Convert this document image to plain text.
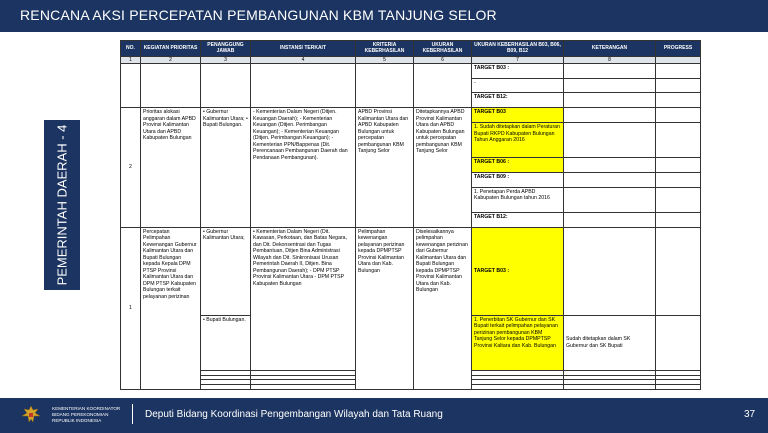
RENCANA AKSI PERCEPATAN PEMBANGUNAN KBM TANJUNG SELOR
PEMERINTAH DAERAH - 4
NO.	KEGIATAN PRIORITAS	PENANGGUNG JAWAB	INSTANSI TERKAIT	KRITERIA KEBERHASILAN	UKURAN KEBERHASILAN	UKURAN KEBERHASILAN B03, B06, B09, B12	KETERANGAN	PROGRESS
1	2	3	4	5	6	7	8	
						TARGET B03 :		
						-		
						TARGET B12:		
2	Prioritas alokasi anggaran dalam APBD Provinsi Kalimantan Utara dan APBD Kabupaten Bulungan	• Gubernur Kalimantan Utara; • Bupati Bulungan.	- Kementerian Dalam Negeri (Ditjen. Keuangan Daerah); - Kementerian Keuangan (Ditjen. Perimbangan Keuangan); - Kementerian Keuangan (Ditjen. Perimbangan Keuangan); - Kementerian PPN/Bappenas (Dit. Perencanaan Pembangunan Daerah dan Pendanaan Pembangunan).	APBD Provinsi Kalimantan Utara dan APBD Kabupaten Bulungan untuk percepatan pembangunan KBM Tanjung Selor	Ditetapkannya APBD Provinsi Kalimantan Utara dan APBD Kabupaten Bulungan untuk percepatan pembangunan KBM Tanjung Selor	TARGET B03		
						1. Sudah ditetapkan dalam Peraturan Bupati RKPD Kabupaten Bulungan Tahun Anggaran 2016		
						TARGET B06 :		
						TARGET B09 :		
						1. Penetapan Perda APBD Kabupaten Bulungan tahun 2016		
						TARGET B12:		
1	Percepatan Pelimpahan Kewenangan Gubernur Kalimantan Utara dan Bupati Bulungan kepada Kepala DPM PTSP Provinsi Kalimantan Utara dan DPM PTSP Kabupaten Bulungan terkait pelayanan perizinan	• Gubernur Kalimantan Utara;	• Kementerian Dalam Negeri (Dit. Kawasan, Perkotaan, dan Batas Negara, dan Dit. Dekonsentrasi dan Tugas Pembantuan, Ditjen Bina Administrasi Wilayah dan Dit. Sinkronisasi Urusan Pemerintah Daerah II, Ditjen. Bina Pembangunan Daerah); - DPM PTSP Provinsi Kalimantan Utara - DPM PTSP Kabupaten Bulungan	Pelimpahan kewenangan pelayanan perizinan kepada DPMPTSP Provinsi Kalimantan Utara dan Kab. Bulungan	Diselesaikannya pelimpahan kewenangan perizinan dari Gubernur Kalimantan Utara dan Bupati Bulungan kepada DPMPTSP Provinsi Kalimantan Utara dan Kab. Bulungan	TARGET B03 :		
		• Bupati Bulungan.				1. Penerbitan SK Gubernur dan SK Bupati terkait pelimpahan pelayanan perizinan pembangunan KBM Tanjung Selor kepada DPMPTSP Provinsi Kaltara dan Kab. Bulungan	Sudah ditetapkan dalam SK Gubernur dan SK Bupati	

KEMENTERIAN KOORDINATOR
BIDANG PEREKONOMIAN
REPUBLIK INDONESIA
Deputi Bidang Koordinasi Pengembangan Wilayah dan Tata Ruang	37
